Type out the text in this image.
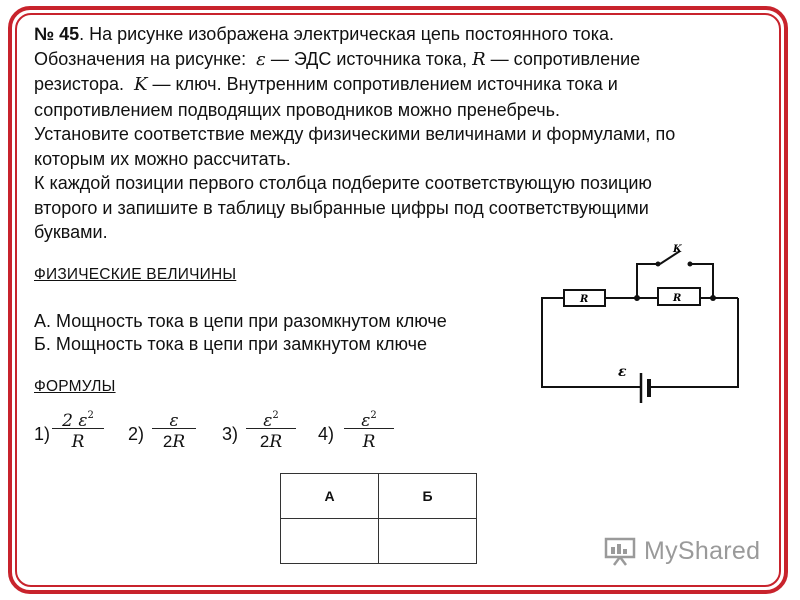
№ 45. На рисунке изображена электрическая цепь постоянного тока.

Обозначения на рисунке: ε — ЭДС источника тока, R — сопротивление

резистора. K — ключ. Внутренним сопротивлением источника тока и

сопротивлением подводящих проводников можно пренебречь.

Установите соответствие между физическими величинами и формулами, по

которым их можно рассчитать.

К каждой позиции первого столбца подберите соответствующую позицию

второго и запишите в таблицу выбранные цифры под соответствующими

буквами.

ФИЗИЧЕСКИЕ ВЕЛИЧИНЫ
А. Мощность тока в цепи при разомкнутом ключе
Б. Мощность тока в цепи при замкнутом ключе
ФОРМУЛЫ
1)
2 $\varepsilon^2$
R 2)
ε
2R 3)
$\varepsilon^2$
2R 4)
$\varepsilon^2$
R
А	Б

R	R
K
ε
MyShared
